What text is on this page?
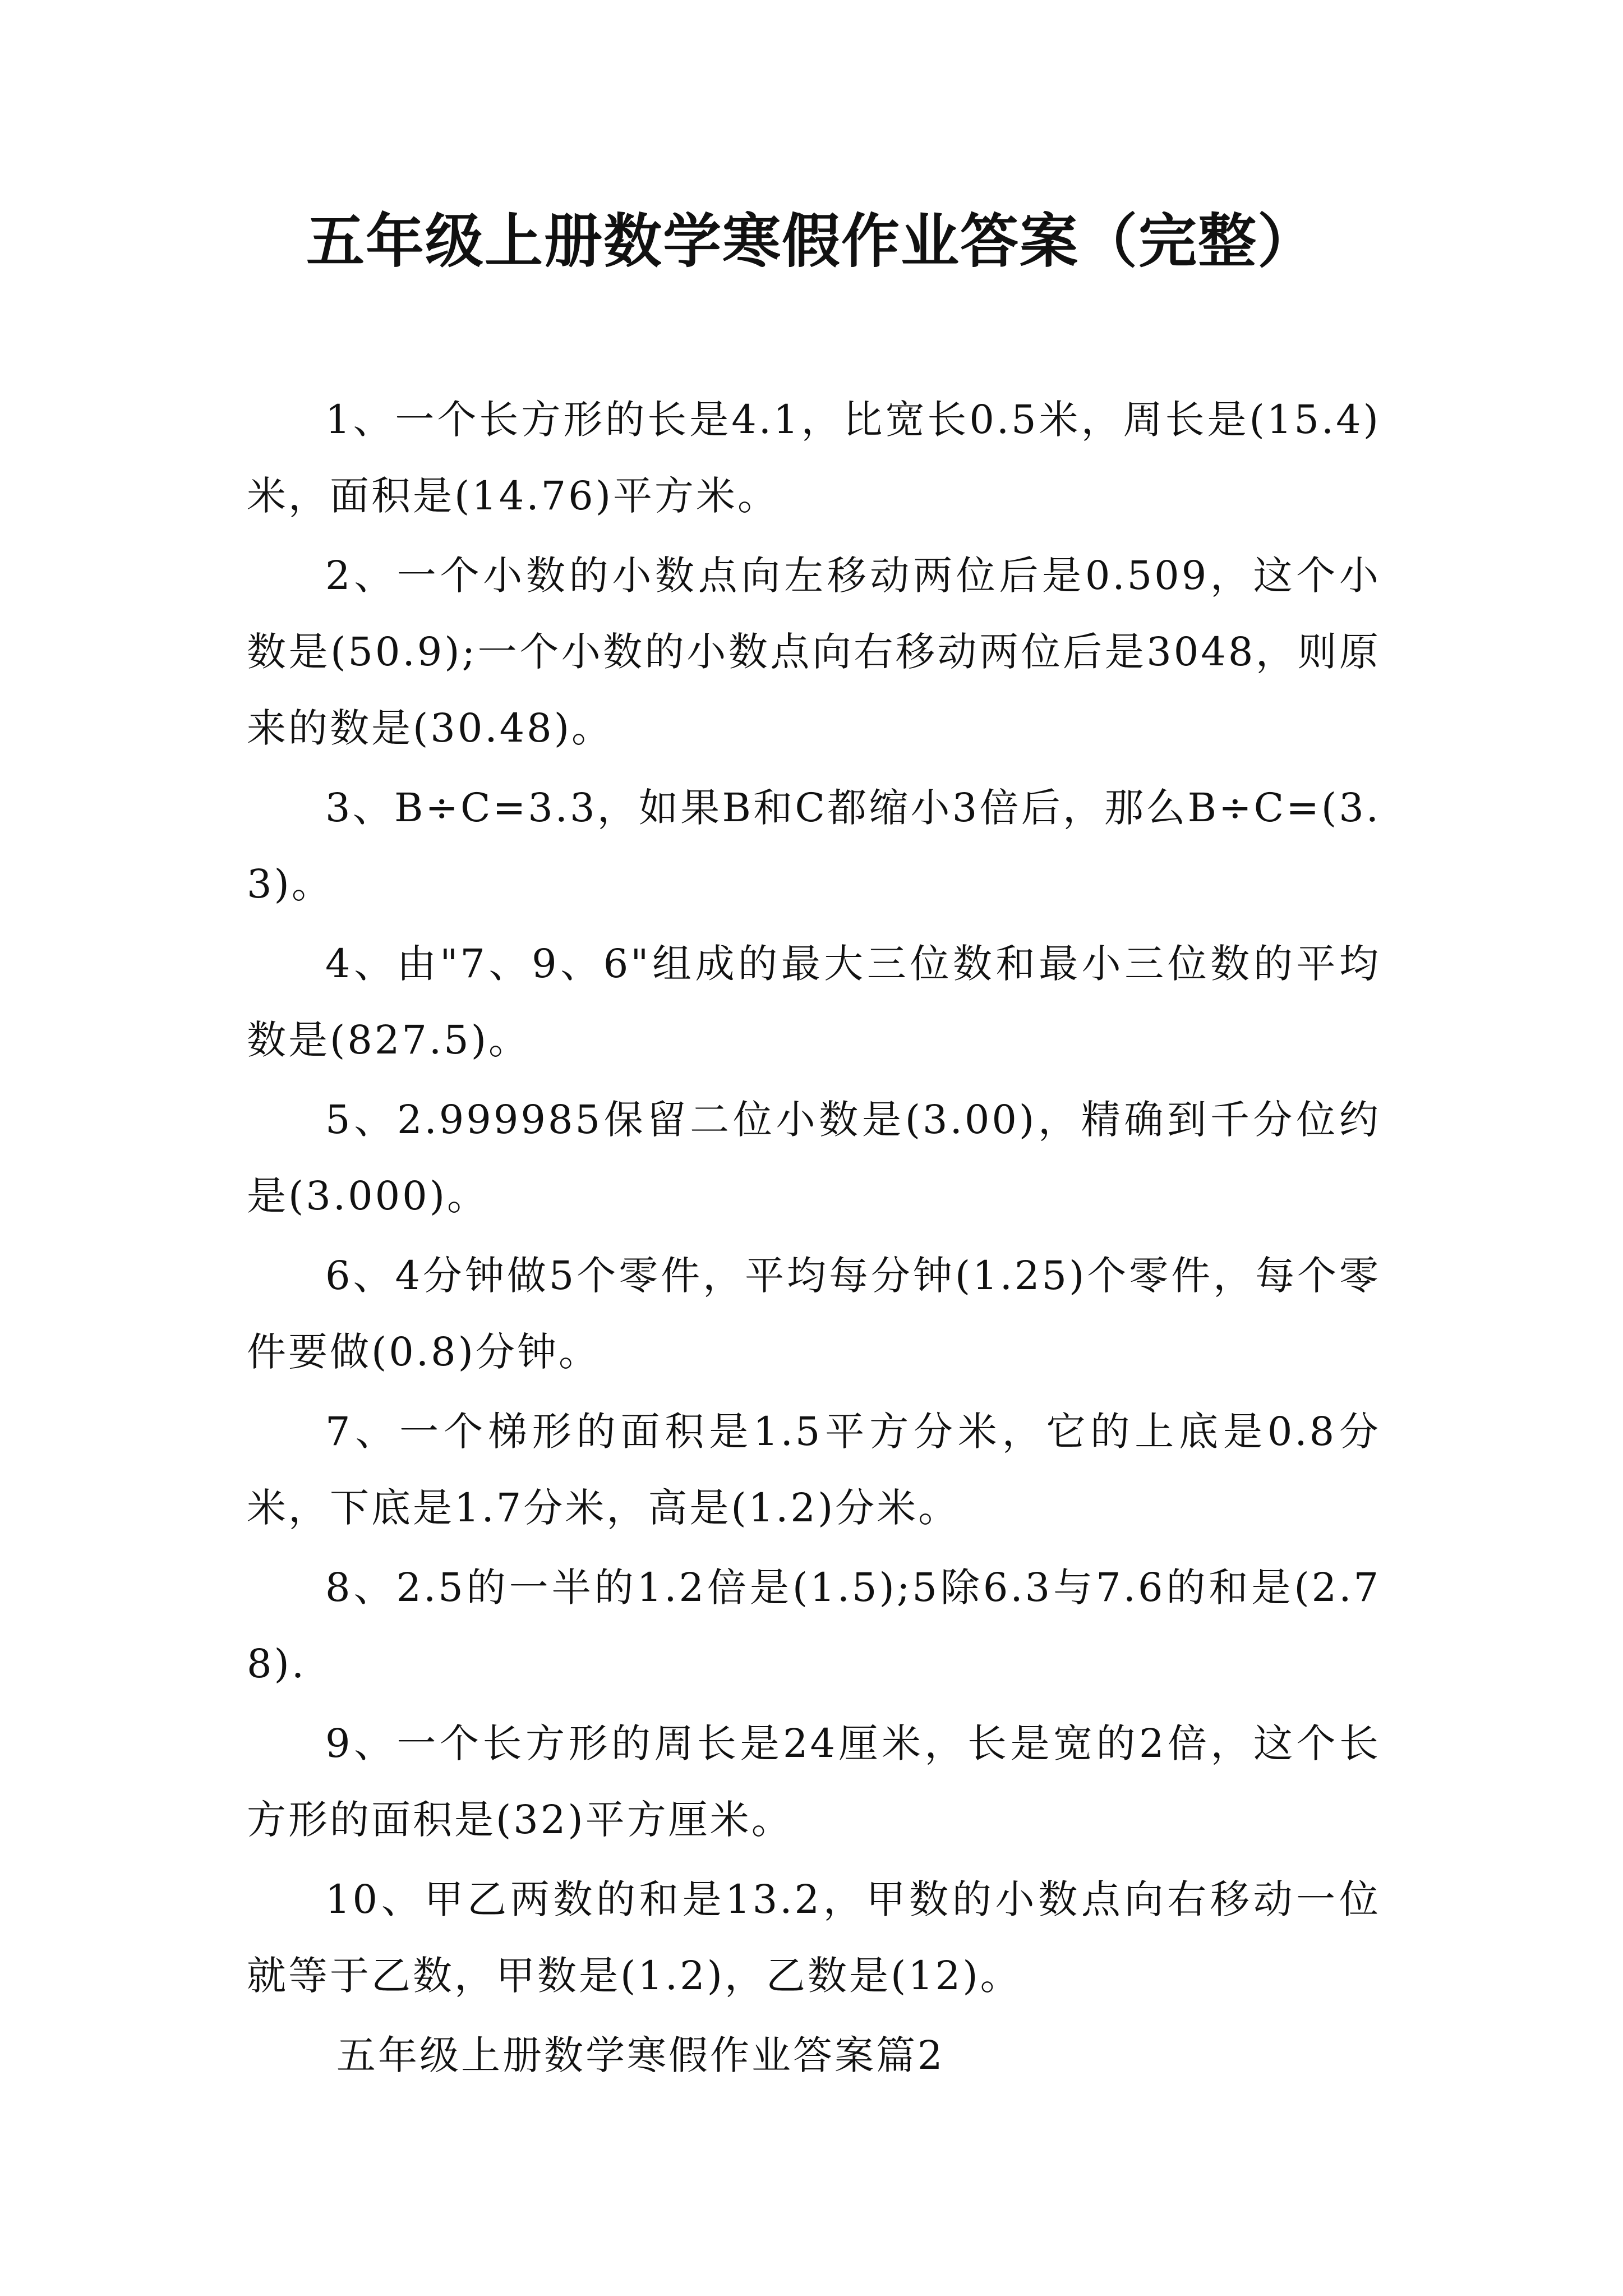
五年级上册数学寒假作业答案（完整）

1、一个长方形的长是4.1，比宽长0.5米，周长是(15.4)米，面积是(14.76)平方米。

2、一个小数的小数点向左移动两位后是0.509，这个小数是(50.9);一个小数的小数点向右移动两位后是3048，则原来的数是(30.48)。

3、B÷C=3.3，如果B和C都缩小3倍后，那么B÷C=(3.3)。

4、由"7、9、6"组成的最大三位数和最小三位数的平均数是(827.5)。

5、2.999985保留二位小数是(3.00)，精确到千分位约是(3.000)。

6、4分钟做5个零件，平均每分钟(1.25)个零件，每个零件要做(0.8)分钟。

7、一个梯形的面积是1.5平方分米，它的上底是0.8分米，下底是1.7分米，高是(1.2)分米。

8、2.5的一半的1.2倍是(1.5);5除6.3与7.6的和是(2.78).

9、一个长方形的周长是24厘米，长是宽的2倍，这个长方形的面积是(32)平方厘米。

10、甲乙两数的和是13.2，甲数的小数点向右移动一位就等于乙数，甲数是(1.2)，乙数是(12)。

五年级上册数学寒假作业答案篇2
